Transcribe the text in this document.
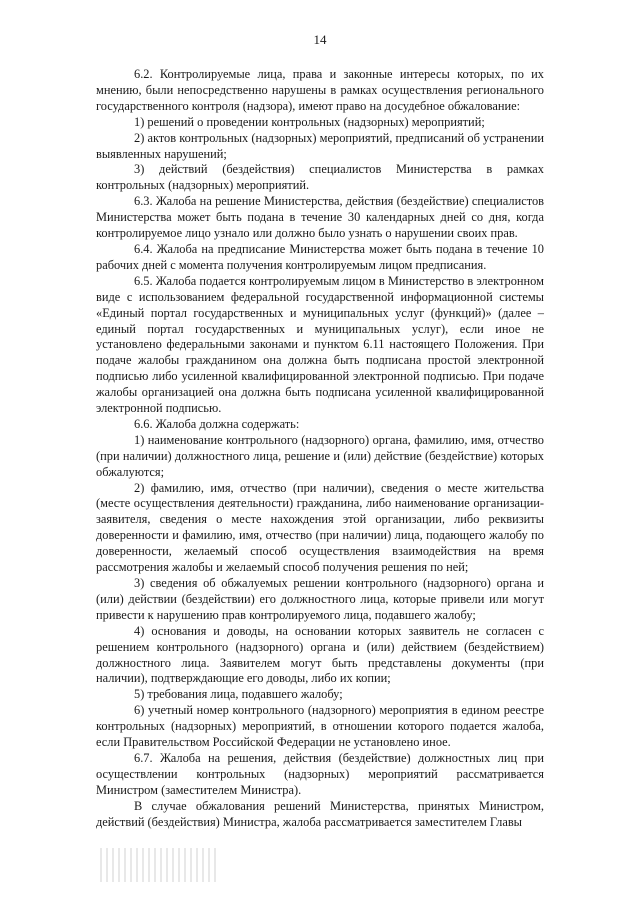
14

6.2. Контролируемые лица, права и законные интересы которых, по их мнению, были непосредственно нарушены в рамках осуществления регионального государственного контроля (надзора), имеют право на досудебное обжалование:

1) решений о проведении контрольных (надзорных) мероприятий;

2) актов контрольных (надзорных) мероприятий, предписаний об устранении выявленных нарушений;

3) действий (бездействия) специалистов Министерства в рамках контрольных (надзорных) мероприятий.

6.3. Жалоба на решение Министерства, действия (бездействие) специалистов Министерства может быть подана в течение 30 календарных дней со дня, когда контролируемое лицо узнало или должно было узнать о нарушении своих прав.

6.4. Жалоба на предписание Министерства может быть подана в течение 10 рабочих дней с момента получения контролируемым лицом предписания.

6.5. Жалоба подается контролируемым лицом в Министерство в электронном виде с использованием федеральной государственной информационной системы «Единый портал государственных и муниципальных услуг (функций)» (далее – единый портал государственных и муниципальных услуг), если иное не установлено федеральными законами и пунктом 6.11 настоящего Положения. При подаче жалобы гражданином она должна быть подписана простой электронной подписью либо усиленной квалифицированной электронной подписью. При подаче жалобы организацией она должна быть подписана усиленной квалифицированной электронной подписью.

6.6. Жалоба должна содержать:

1) наименование контрольного (надзорного) органа, фамилию, имя, отчество (при наличии) должностного лица, решение и (или) действие (бездействие) которых обжалуются;

2) фамилию, имя, отчество (при наличии), сведения о месте жительства (месте осуществления деятельности) гражданина, либо наименование организации-заявителя, сведения о месте нахождения этой организации, либо реквизиты доверенности и фамилию, имя, отчество (при наличии) лица, подающего жалобу по доверенности, желаемый способ осуществления взаимодействия на время рассмотрения жалобы и желаемый способ получения решения по ней;

3) сведения об обжалуемых решении контрольного (надзорного) органа и (или) действии (бездействии) его должностного лица, которые привели или могут привести к нарушению прав контролируемого лица, подавшего жалобу;

4) основания и доводы, на основании которых заявитель не согласен с решением контрольного (надзорного) органа и (или) действием (бездействием) должностного лица. Заявителем могут быть представлены документы (при наличии), подтверждающие его доводы, либо их копии;

5) требования лица, подавшего жалобу;

6) учетный номер контрольного (надзорного) мероприятия в едином реестре контрольных (надзорных) мероприятий, в отношении которого подается жалоба, если Правительством Российской Федерации не установлено иное.

6.7. Жалоба на решения, действия (бездействие) должностных лиц при осуществлении контрольных (надзорных) мероприятий рассматривается Министром (заместителем Министра).

В случае обжалования решений Министерства, принятых Министром, действий (бездействия) Министра, жалоба рассматривается заместителем Главы
